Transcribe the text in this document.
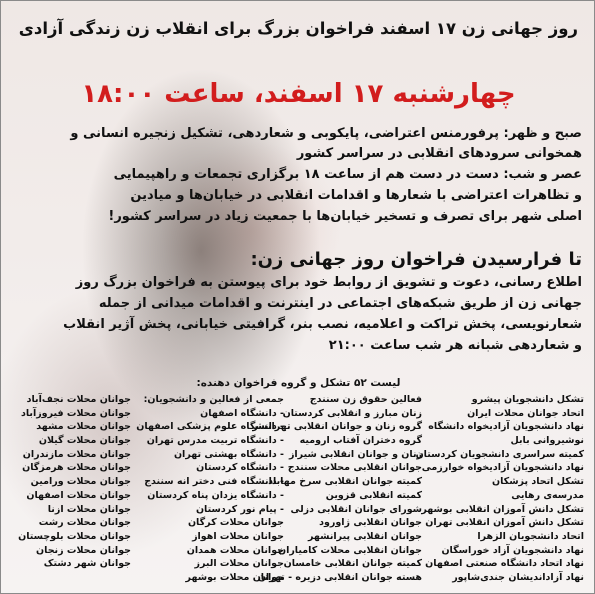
روز جهانی زن ۱۷ اسفند فراخوان بزرگ برای انقلاب زن زندگی آزادی
چهارشنبه ۱۷ اسفند، ساعت ۱۸:۰۰
صبح و ظهر: پرفورمنس اعتراضی، پایکوبی و شعاردهی، تشکیل زنجیره انسانی و
همخوانی سرودهای انقلابی در سراسر کشور
عصر و شب: دست در دست هم از ساعت ۱۸ برگزاری تجمعات و راهپیمایی
و تظاهرات اعتراضی با شعارها و اقدامات انقلابی در خیابان‌ها و میادین
اصلی شهر برای تصرف و تسخیر خیابان‌ها با جمعیت زیاد در سراسر کشور!
تا فرارسیدن فراخوان روز جهانی زن:
اطلاع رسانی، دعوت و تشویق از روابط خود برای پیوستن به فراخوان بزرگ روز
جهانی زن از طریق شبکه‌های اجتماعی در اینترنت و اقدامات میدانی از جمله
شعارنویسی، پخش تراکت و اعلامیه، نصب بنر، گرافیتی خیابانی، پخش آژیر انقلاب
و شعاردهی شبانه هر شب ساعت ۲۱:۰۰
لیست ۵۲ تشکل و گروه فراخوان دهنده:
تشکل دانشجویان پیشرو
اتحاد جوانان محلات ایران
نهاد دانشجویان آزادیخواه دانشگاه
نوشیروانی بابل
کمیته سراسری دانشجویان کردستان
نهاد دانشجویان آزادیخواه خوارزمی
تشکل اتحاد پزشکان
مدرسه‌ی رهایی
تشکل دانش آموزان انقلابی بوشهر
تشکل دانش آموزان انقلابی تهران
اتحاد دانشجویان الزهرا
نهاد دانشجویان آزاد خوراسگان
نهاد اتحاد دانشگاه صنعتی اصفهان
نهاد آزاداندیشان جندی‌شاپور
فعالین حقوق زن سنندج
زنان مبارز و انقلابی کردستان
گروه زنان و جوانان انقلابی تهرانسر
گروه دختران آفتاب ارومیه
زنان و جوانان انقلابی شیراز
جوانان انقلابی محلات سنندج
کمیته جوانان انقلابی سرخ مهاباد
کمیته انقلابی قزوین
شورای جوانان انقلابی دزلی
جوانان انقلابی ژاورود
جوانان انقلابی پیرانشهر
جوانان انقلابی محلات کامیاران
کمیته جوانان انقلابی خامسان
هسته جوانان انقلابی دزیره - تهران
جمعی از فعالین و دانشجویان:
- دانشگاه اصفهان
- دانشگاه علوم پزشکی اصفهان
- دانشگاه تربیت مدرس تهران
- دانشگاه بهشتی تهران
- دانشگاه کردستان
- دانشگاه فنی دختر انه سنندج
- دانشگاه یزدان پناه کردستان
- پیام نور کردستان
جوانان محلات کرگان
جوانان محلات اهواز
جوانان محلات همدان
جوانان محلات البرز
جوانان محلات بوشهر
جوانان محلات نجف‌آباد
جوانان محلات فیروزآباد
جوانان محلات مشهد
جوانان محلات گیلان
جوانان محلات مازندران
جوانان محلات هرمزگان
جوانان محلات ورامین
جوانان محلات اصفهان
جوانان محلات ازنا
جوانان محلات رشت
جوانان محلات بلوچستان
جوانان محلات زنجان
جوانان شهر دشتک
